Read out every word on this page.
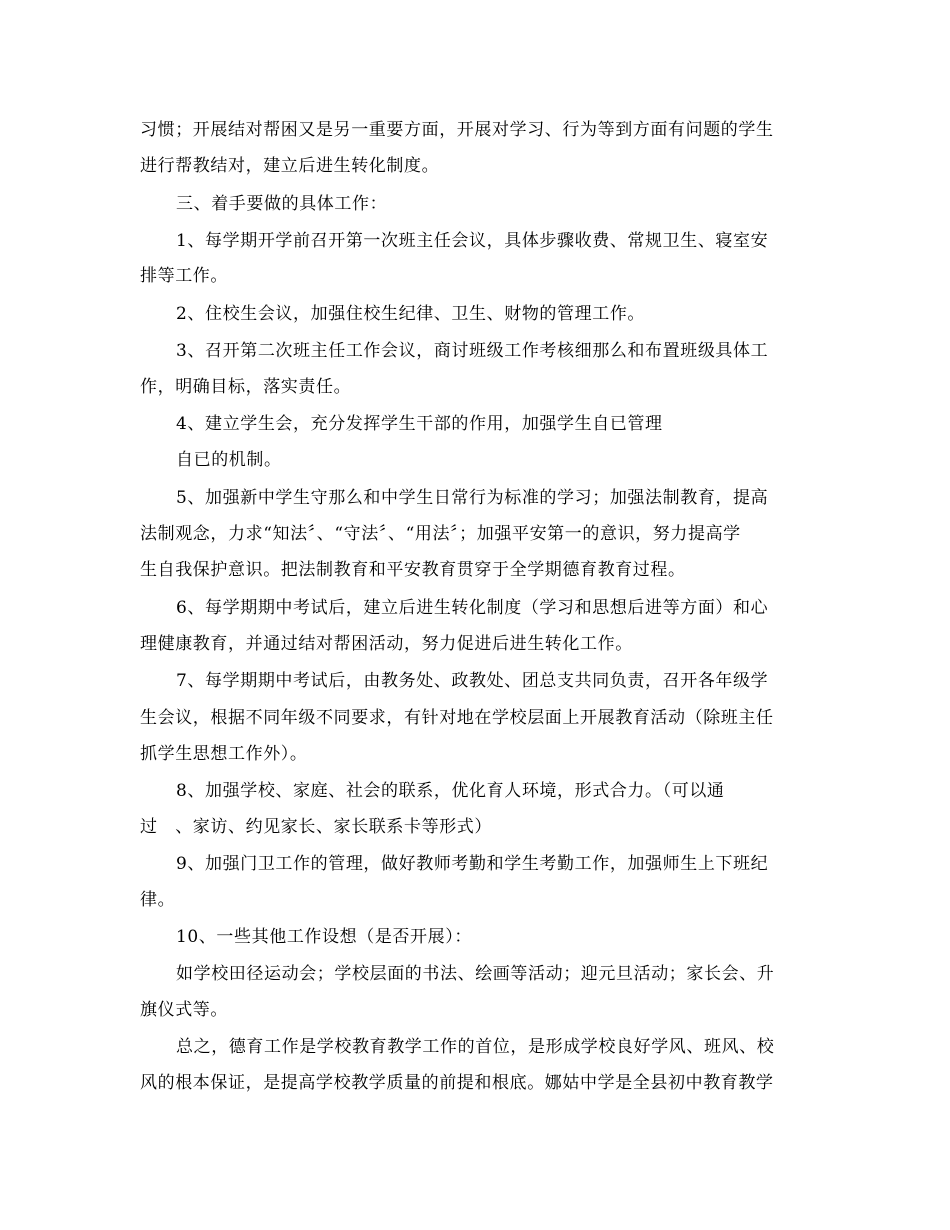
习惯；开展结对帮困又是另一重要方面，开展对学习、行为等到方面有问题的学生
进行帮教结对，建立后进生转化制度。
三、着手要做的具体工作：
1、每学期开学前召开第一次班主任会议，具体步骤收费、常规卫生、寝室安
排等工作。
2、住校生会议，加强住校生纪律、卫生、财物的管理工作。
3、召开第二次班主任工作会议，商讨班级工作考核细那么和布置班级具体工
作，明确目标，落实责任。
4、建立学生会，充分发挥学生干部的作用，加强学生自已管理
自已的机制。
5、加强新中学生守那么和中学生日常行为标准的学习；加强法制教育，提高
法制观念，力求“知法〞、“守法〞、“用法〞；加强平安第一的意识，努力提高学
生自我保护意识。把法制教育和平安教育贯穿于全学期德育教育过程。
6、每学期期中考试后，建立后进生转化制度（学习和思想后进等方面）和心
理健康教育，并通过结对帮困活动，努力促进后进生转化工作。
7、每学期期中考试后，由教务处、政教处、团总支共同负责，召开各年级学
生会议，根据不同年级不同要求，有针对地在学校层面上开展教育活动（除班主任
抓学生思想工作外）。
8、加强学校、家庭、社会的联系，优化育人环境，形式合力。（可以通
过　、家访、约见家长、家长联系卡等形式）
9、加强门卫工作的管理，做好教师考勤和学生考勤工作，加强师生上下班纪
律。
10、一些其他工作设想（是否开展）：
如学校田径运动会；学校层面的书法、绘画等活动；迎元旦活动；家长会、升
旗仪式等。
总之，德育工作是学校教育教学工作的首位，是形成学校良好学风、班风、校
风的根本保证，是提高学校教学质量的前提和根底。娜姑中学是全县初中教育教学
